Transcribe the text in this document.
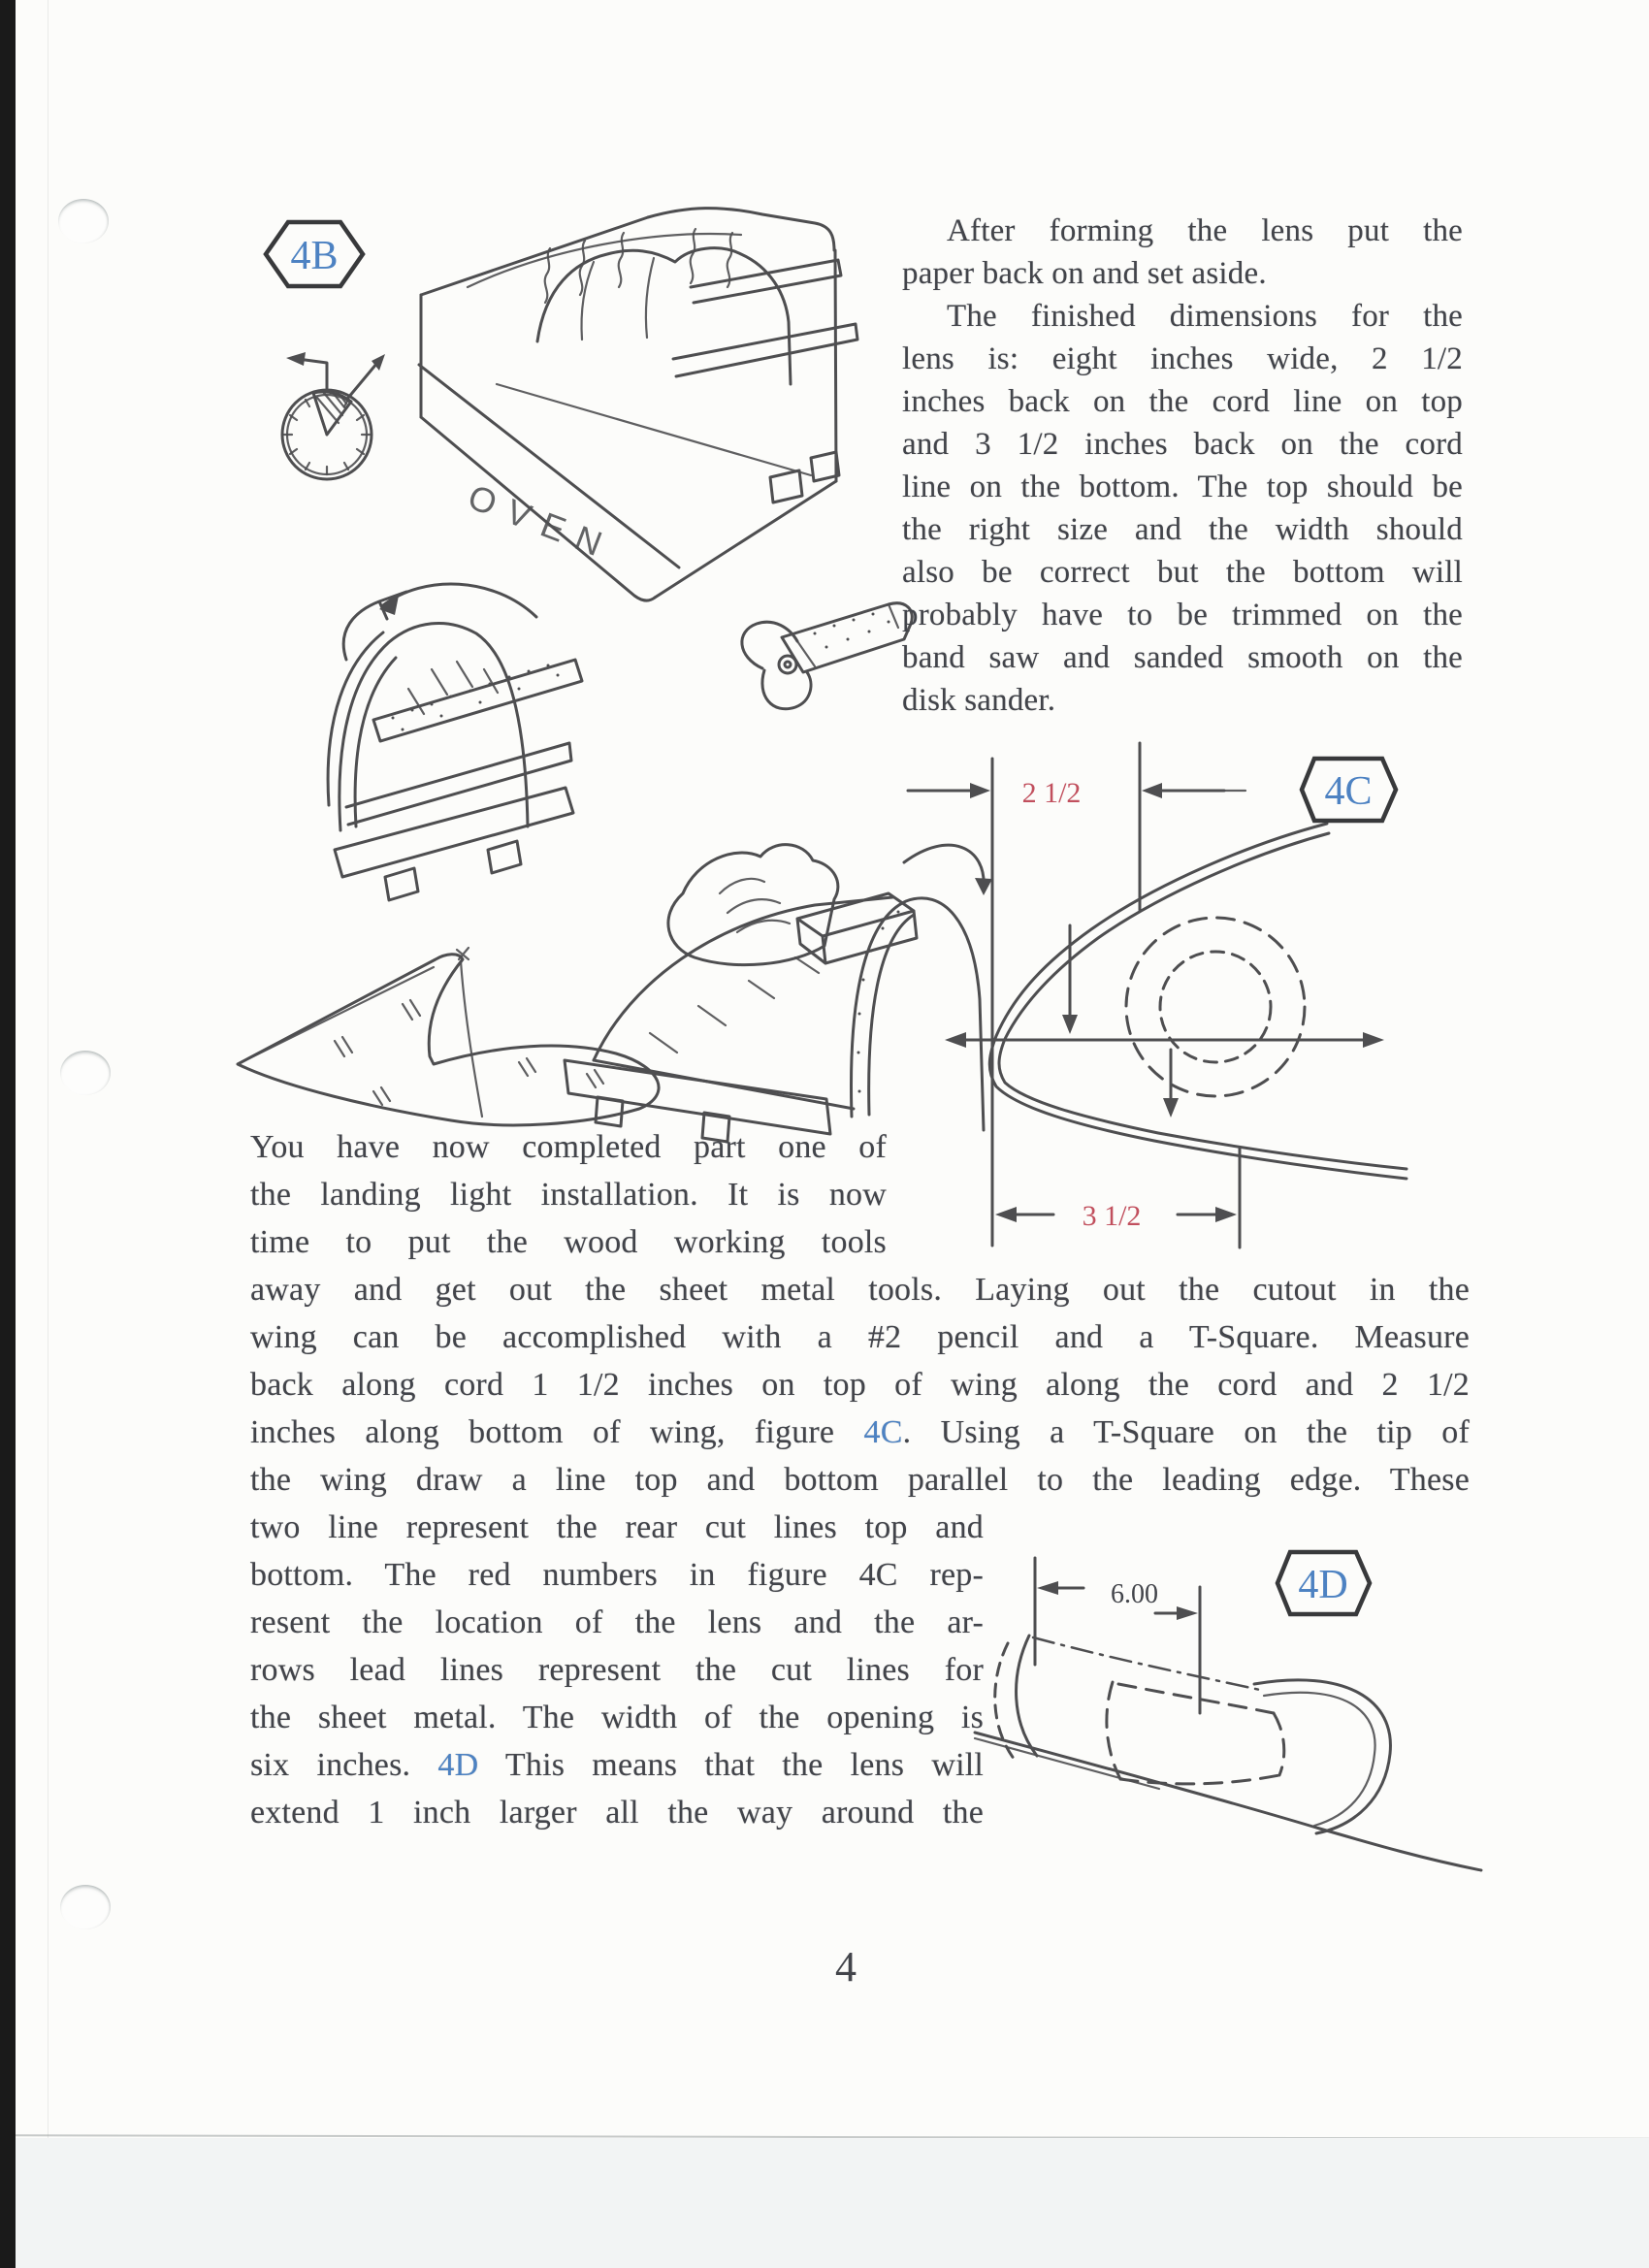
4B
OVEN
4C
2 1/2
3 1/2
4D
6.00
After forming the lens put the
paper back on and set aside.
The finished dimensions for the
lens is: eight inches wide, 2 1/2
inches back on the cord line on top
and 3 1/2 inches back on the cord
line on the bottom. The top should be
the right size and the width should
also be correct but the bottom will
probably have to be trimmed on the
band saw and sanded smooth on the
disk sander.
You have now completed part one of
the landing light installation. It is now
time to put the wood working tools
away and get out the sheet metal tools. Laying out the cutout in the
wing can be accomplished with a #2 pencil and a T-Square. Measure
back along cord 1 1/2 inches on top of wing along the cord and 2 1/2
inches along bottom of wing, figure 4C. Using a T-Square on the tip of
the wing draw a line top and bottom parallel to the leading edge. These
two line represent the rear cut lines top and
bottom. The red numbers in figure 4C rep-
resent the location of the lens and the ar-
rows lead lines represent the cut lines for
the sheet metal. The width of the opening is
six inches. 4D This means that the lens will
extend 1 inch larger all the way around the
4
